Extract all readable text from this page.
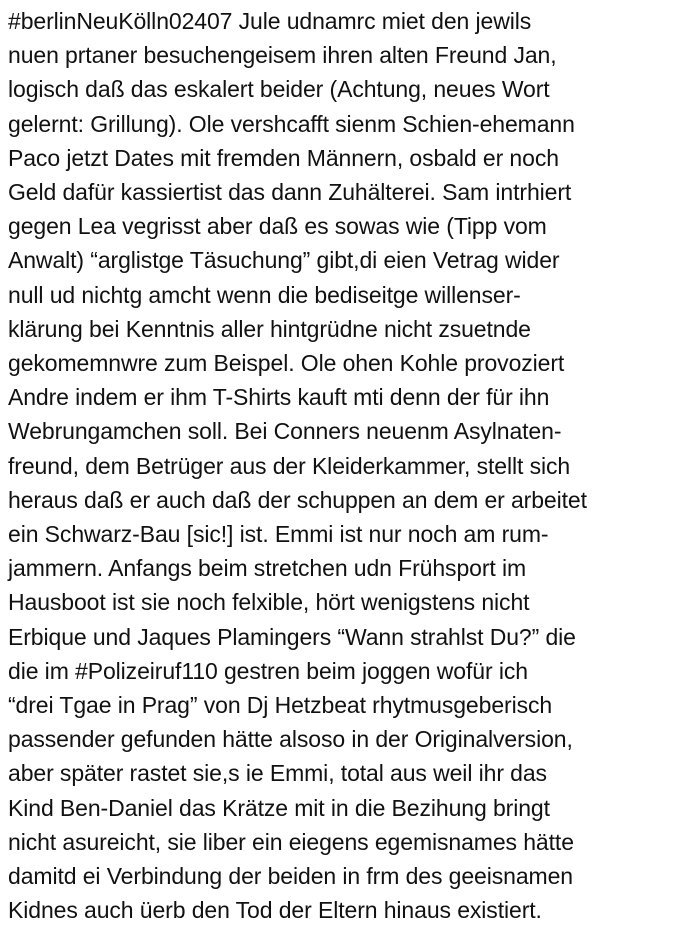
#berlinNeuKölln02407 Jule udnamrc miet den jewils
nuen prtaner besuchengeisem ihren alten Freund Jan,
logisch daß das eskalert beider (Achtung, neues Wort
gelernt: Grillung). Ole vershcafft sienm Schien-ehemann
Paco jetzt Dates mit fremden Männern, osbald er noch
Geld dafür kassiertist das dann Zuhälterei. Sam intrhiert
gegen Lea vegrisst aber daß es sowas wie (Tipp vom
Anwalt) “arglistge Täsuchung” gibt,di eien Vetrag wider
null ud nichtg amcht wenn die bediseitge willenser-
klärung bei Kenntnis aller hintgrüdne nicht zsuetnde
gekomemnwre zum Beispel. Ole ohen Kohle provoziert
Andre indem er ihm T-Shirts kauft mti denn der für ihn
Webrungamchen soll. Bei Conners neuenm Asylnaten-
freund, dem Betrüger aus der Kleiderkammer, stellt sich
heraus daß er auch daß der schuppen an dem er arbeitet
ein Schwarz-Bau [sic!] ist. Emmi ist nur noch am rum-
jammern. Anfangs beim stretchen udn Frühsport im
Hausboot ist sie noch felxible, hört wenigstens nicht
Erbique und Jaques Plamingers “Wann strahlst Du?” die
die im #Polizeiruf110 gestren beim joggen wofür ich
“drei Tgae in Prag” von Dj Hetzbeat rhytmusgeberisch
passender gefunden hätte alsoso in der Originalversion,
aber später rastet sie,s ie Emmi, total aus weil ihr das
Kind Ben-Daniel das Krätze mit in die Bezihung bringt
nicht asureicht, sie liber ein eiegens egemisnames hätte
damitd ei Verbindung der beiden in frm des geeisnamen
Kidnes auch üerb den Tod der Eltern hinaus existiert.
